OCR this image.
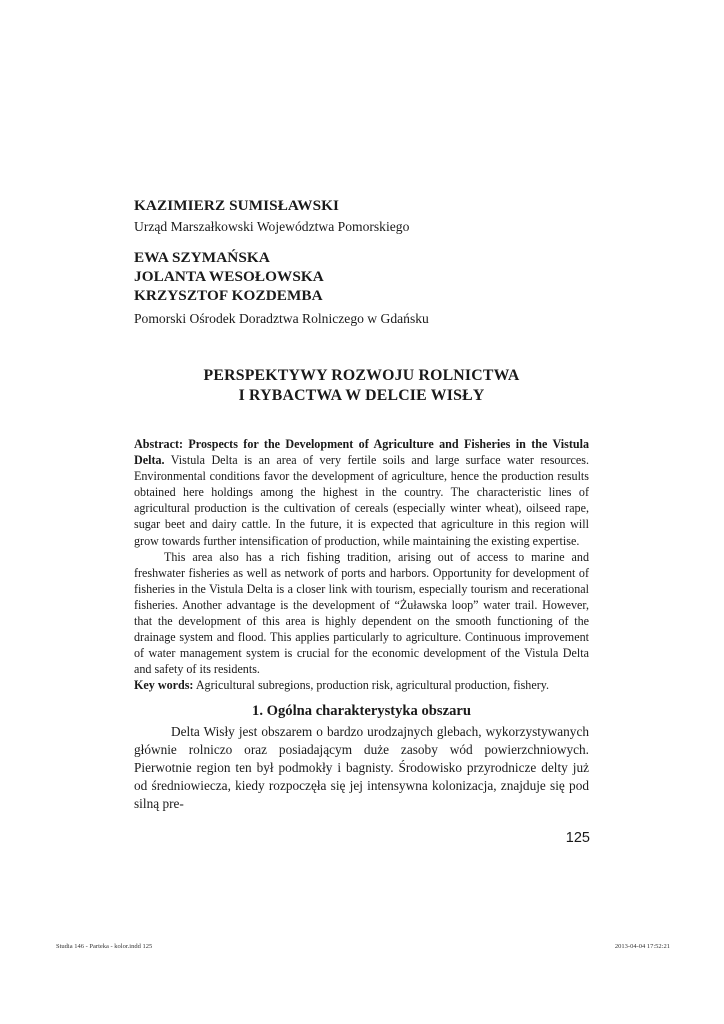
KAZIMIERZ SUMISŁAWSKI

Urząd Marszałkowski Województwa Pomorskiego

EWA SZYMAŃSKA

JOLANTA WESOŁOWSKA

KRZYSZTOF KOZDEMBA

Pomorski Ośrodek Doradztwa Rolniczego w Gdańsku

PERSPEKTYWY ROZWOJU ROLNICTWA
I RYBACTWA W DELCIE WISŁY

Abstract: Prospects for the Development of Agriculture and Fisheries in the Vistula Delta. Vistula Delta is an area of very fertile soils and large surface water resources. Environmental conditions favor the development of agriculture, hence the production results obtained here holdings among the highest in the country. The characteristic lines of agricultural production is the cultivation of cereals (especially winter wheat), oilseed rape, sugar beet and dairy cattle. In the future, it is expected that agriculture in this region will grow towards further intensification of production, while maintaining the existing expertise.

This area also has a rich fishing tradition, arising out of access to marine and freshwater fisheries as well as network of ports and harbors. Opportunity for development of fisheries in the Vistula Delta is a closer link with tourism, especially tourism and recerational fisheries. Another advantage is the development of “Żuławska loop” water trail. However, that the development of this area is highly dependent on the smooth functioning of the drainage system and flood. This applies particularly to agriculture. Continuous improvement of water management system is crucial for the economic development of the Vistula Delta and safety of its residents.

Key words: Agricultural subregions, production risk, agricultural production, fishery.

1. Ogólna charakterystyka obszaru

Delta Wisły jest obszarem o bardzo urodzajnych glebach, wykorzystywanych głównie rolniczo oraz posiadającym duże zasoby wód powierzchniowych. Pierwotnie region ten był podmokły i bagnisty. Środowisko przyrodnicze delty już od średniowiecza, kiedy rozpoczęła się jej intensywna kolonizacja, znajduje się pod silną pre-

125
Studia 146 - Parteka - kolor.indd 125	2013-04-04 17:52:21
